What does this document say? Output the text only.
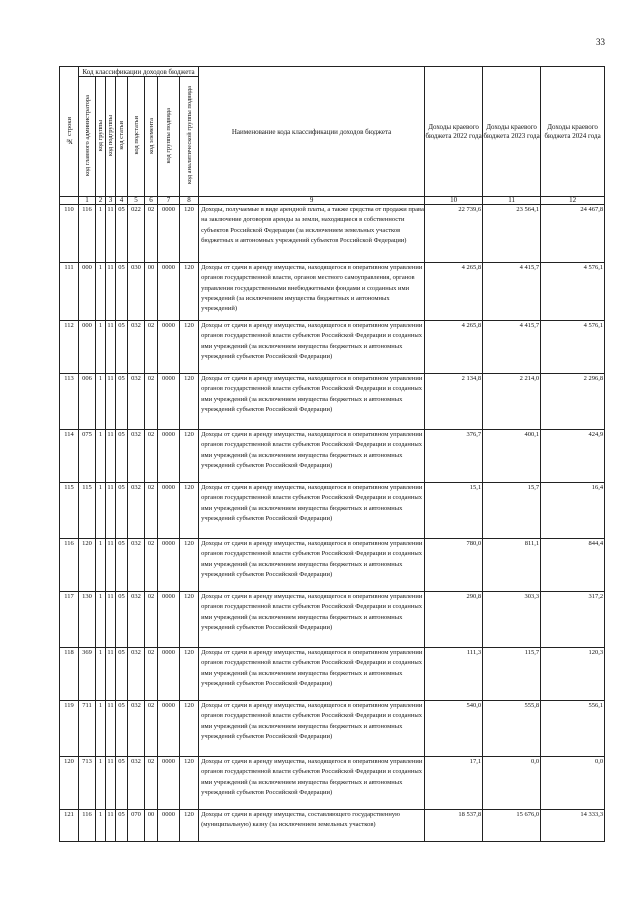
33
№ строки	Код классификации доходов бюджета								Наименование кода классификации доходов бюджета	Доходы краевого бюджета 2022 года	Доходы краевого бюджета 2023 года	Доходы краевого бюджета 2024 года
	код главного администратора	код группы	код подгруппы	код статьи	код подстатьи	код элемента	код группы подвида	код аналитической группы подвида				
	1	2	3	4	5	6	7	8	9	10	11	12
110	116	1	11	05	022	02	0000	120	Доходы, получаемые в виде арендной платы, а также средства от продажи права на заключение договоров аренды за земли, находящиеся в собственности субъектов Российской Федерации (за исключением земельных участков бюджетных и автономных учреждений субъектов Российской Федерации)	22 739,6	23 564,1	24 467,8
111	000	1	11	05	030	00	0000	120	Доходы от сдачи в аренду имущества, находящегося в оперативном управлении органов государственной власти, органов местного самоуправления, органов управления государственными внебюджетными фондами и созданных ими учреждений (за исключением имущества бюджетных и автономных учреждений)	4 265,8	4 415,7	4 576,1
112	000	1	11	05	032	02	0000	120	Доходы от сдачи в аренду имущества, находящегося в оперативном управлении органов государственной власти субъектов Российской Федерации и созданных ими учреждений (за исключением имущества бюджетных и автономных учреждений субъектов Российской Федерации)	4 265,8	4 415,7	4 576,1
113	006	1	11	05	032	02	0000	120	Доходы от сдачи в аренду имущества, находящегося в оперативном управлении органов государственной власти субъектов Российской Федерации и созданных ими учреждений (за исключением имущества бюджетных и автономных учреждений субъектов Российской Федерации)	2 134,8	2 214,0	2 296,8
114	075	1	11	05	032	02	0000	120	Доходы от сдачи в аренду имущества, находящегося в оперативном управлении органов государственной власти субъектов Российской Федерации и созданных ими учреждений (за исключением имущества бюджетных и автономных учреждений субъектов Российской Федерации)	376,7	400,1	424,9
115	115	1	11	05	032	02	0000	120	Доходы от сдачи в аренду имущества, находящегося в оперативном управлении органов государственной власти субъектов Российской Федерации и созданных ими учреждений (за исключением имущества бюджетных и автономных учреждений субъектов Российской Федерации)	15,1	15,7	16,4
116	120	1	11	05	032	02	0000	120	Доходы от сдачи в аренду имущества, находящегося в оперативном управлении органов государственной власти субъектов Российской Федерации и созданных ими учреждений (за исключением имущества бюджетных и автономных учреждений субъектов Российской Федерации)	780,0	811,1	844,4
117	130	1	11	05	032	02	0000	120	Доходы от сдачи в аренду имущества, находящегося в оперативном управлении органов государственной власти субъектов Российской Федерации и созданных ими учреждений (за исключением имущества бюджетных и автономных учреждений субъектов Российской Федерации)	290,8	303,3	317,2
118	369	1	11	05	032	02	0000	120	Доходы от сдачи в аренду имущества, находящегося в оперативном управлении органов государственной власти субъектов Российской Федерации и созданных ими учреждений (за исключением имущества бюджетных и автономных учреждений субъектов Российской Федерации)	111,3	115,7	120,3
119	711	1	11	05	032	02	0000	120	Доходы от сдачи в аренду имущества, находящегося в оперативном управлении органов государственной власти субъектов Российской Федерации и созданных ими учреждений (за исключением имущества бюджетных и автономных учреждений субъектов Российской Федерации)	540,0	555,8	556,1
120	713	1	11	05	032	02	0000	120	Доходы от сдачи в аренду имущества, находящегося в оперативном управлении органов государственной власти субъектов Российской Федерации и созданных ими учреждений (за исключением имущества бюджетных и автономных учреждений субъектов Российской Федерации)	17,1	0,0	0,0
121	116	1	11	05	070	00	0000	120	Доходы от сдачи в аренду имущества, составляющего государственную (муниципальную) казну (за исключением земельных участков)	18 537,8	15 676,0	14 333,3
